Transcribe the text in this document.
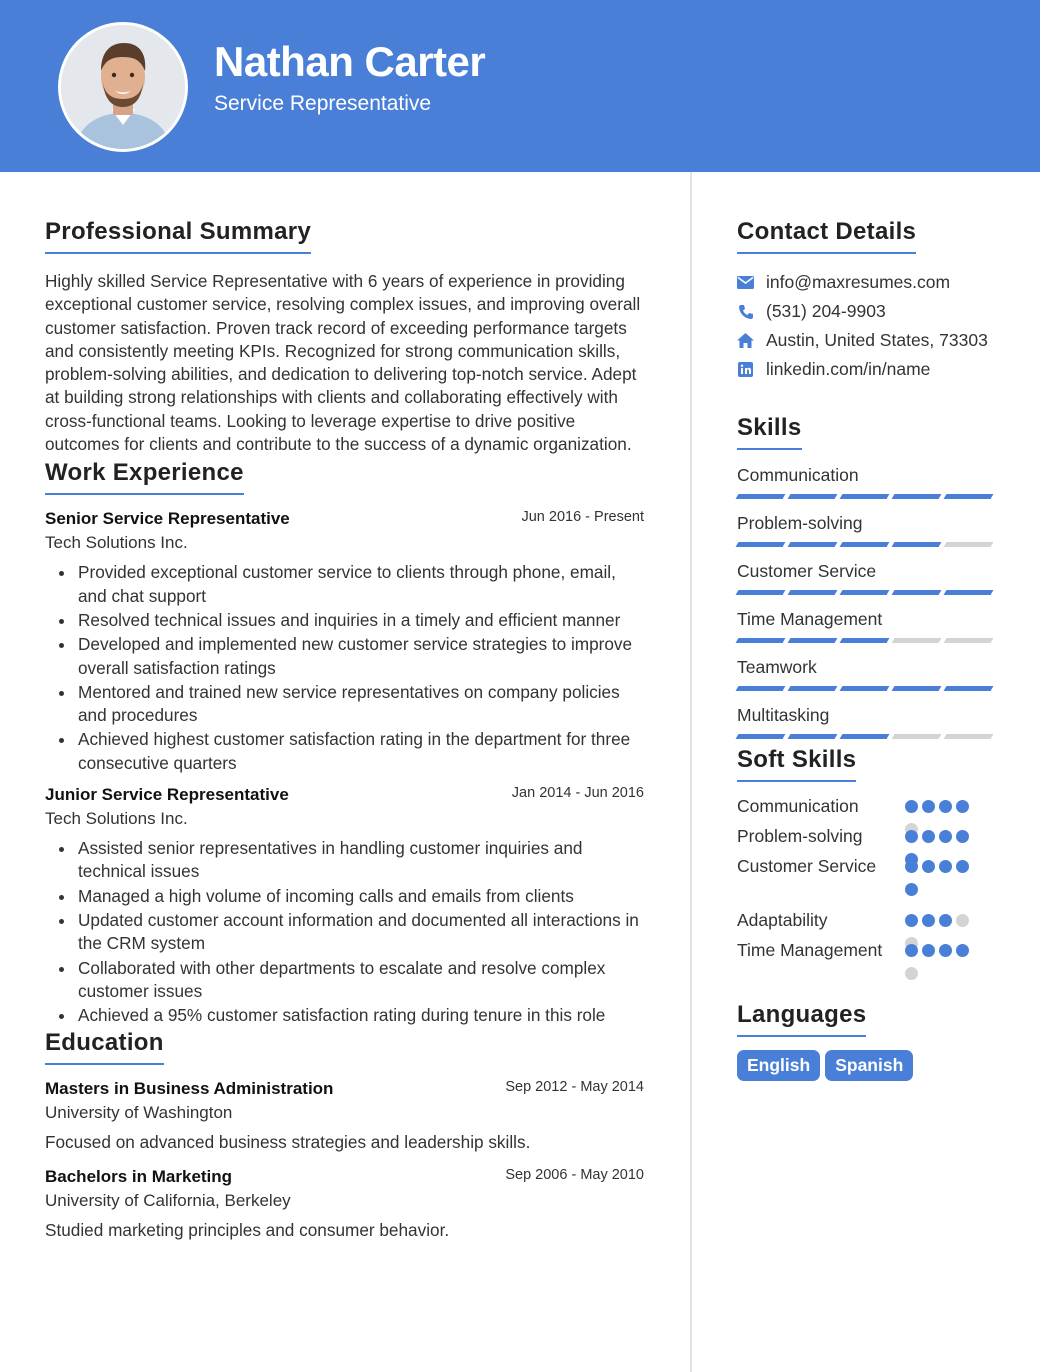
Nathan Carter
Service Representative
Professional Summary

Highly skilled Service Representative with 6 years of experience in providing exceptional customer service, resolving complex issues, and improving overall customer satisfaction. Proven track record of exceeding performance targets and consistently meeting KPIs. Recognized for strong communication skills, problem-solving abilities, and dedication to delivering top-notch service. Adept at building strong relationships with clients and collaborating effectively with cross-functional teams. Looking to leverage expertise to drive positive outcomes for clients and contribute to the success of a dynamic organization.

Work Experience
Senior Service Representative	Jun 2016 - Present
Tech Solutions Inc.
Provided exceptional customer service to clients through phone, email, and chat support
Resolved technical issues and inquiries in a timely and efficient manner
Developed and implemented new customer service strategies to improve overall satisfaction ratings
Mentored and trained new service representatives on company policies and procedures
Achieved highest customer satisfaction rating in the department for three consecutive quarters
Junior Service Representative	Jan 2014 - Jun 2016
Tech Solutions Inc.
Assisted senior representatives in handling customer inquiries and technical issues
Managed a high volume of incoming calls and emails from clients
Updated customer account information and documented all interactions in the CRM system
Collaborated with other departments to escalate and resolve complex customer issues
Achieved a 95% customer satisfaction rating during tenure in this role
Education
Masters in Business Administration	Sep 2012 - May 2014
University of Washington
Focused on advanced business strategies and leadership skills.
Bachelors in Marketing	Sep 2006 - May 2010
University of California, Berkeley
Studied marketing principles and consumer behavior.
Contact Details
info@maxresumes.com
(531) 204-9903
Austin, United States, 73303
linkedin.com/in/name
Skills
Communication
Problem-solving
Customer Service
Time Management
Teamwork
Multitasking
Soft Skills
Communication
Problem-solving
Customer Service
Adaptability
Time Management
Languages
English Spanish
